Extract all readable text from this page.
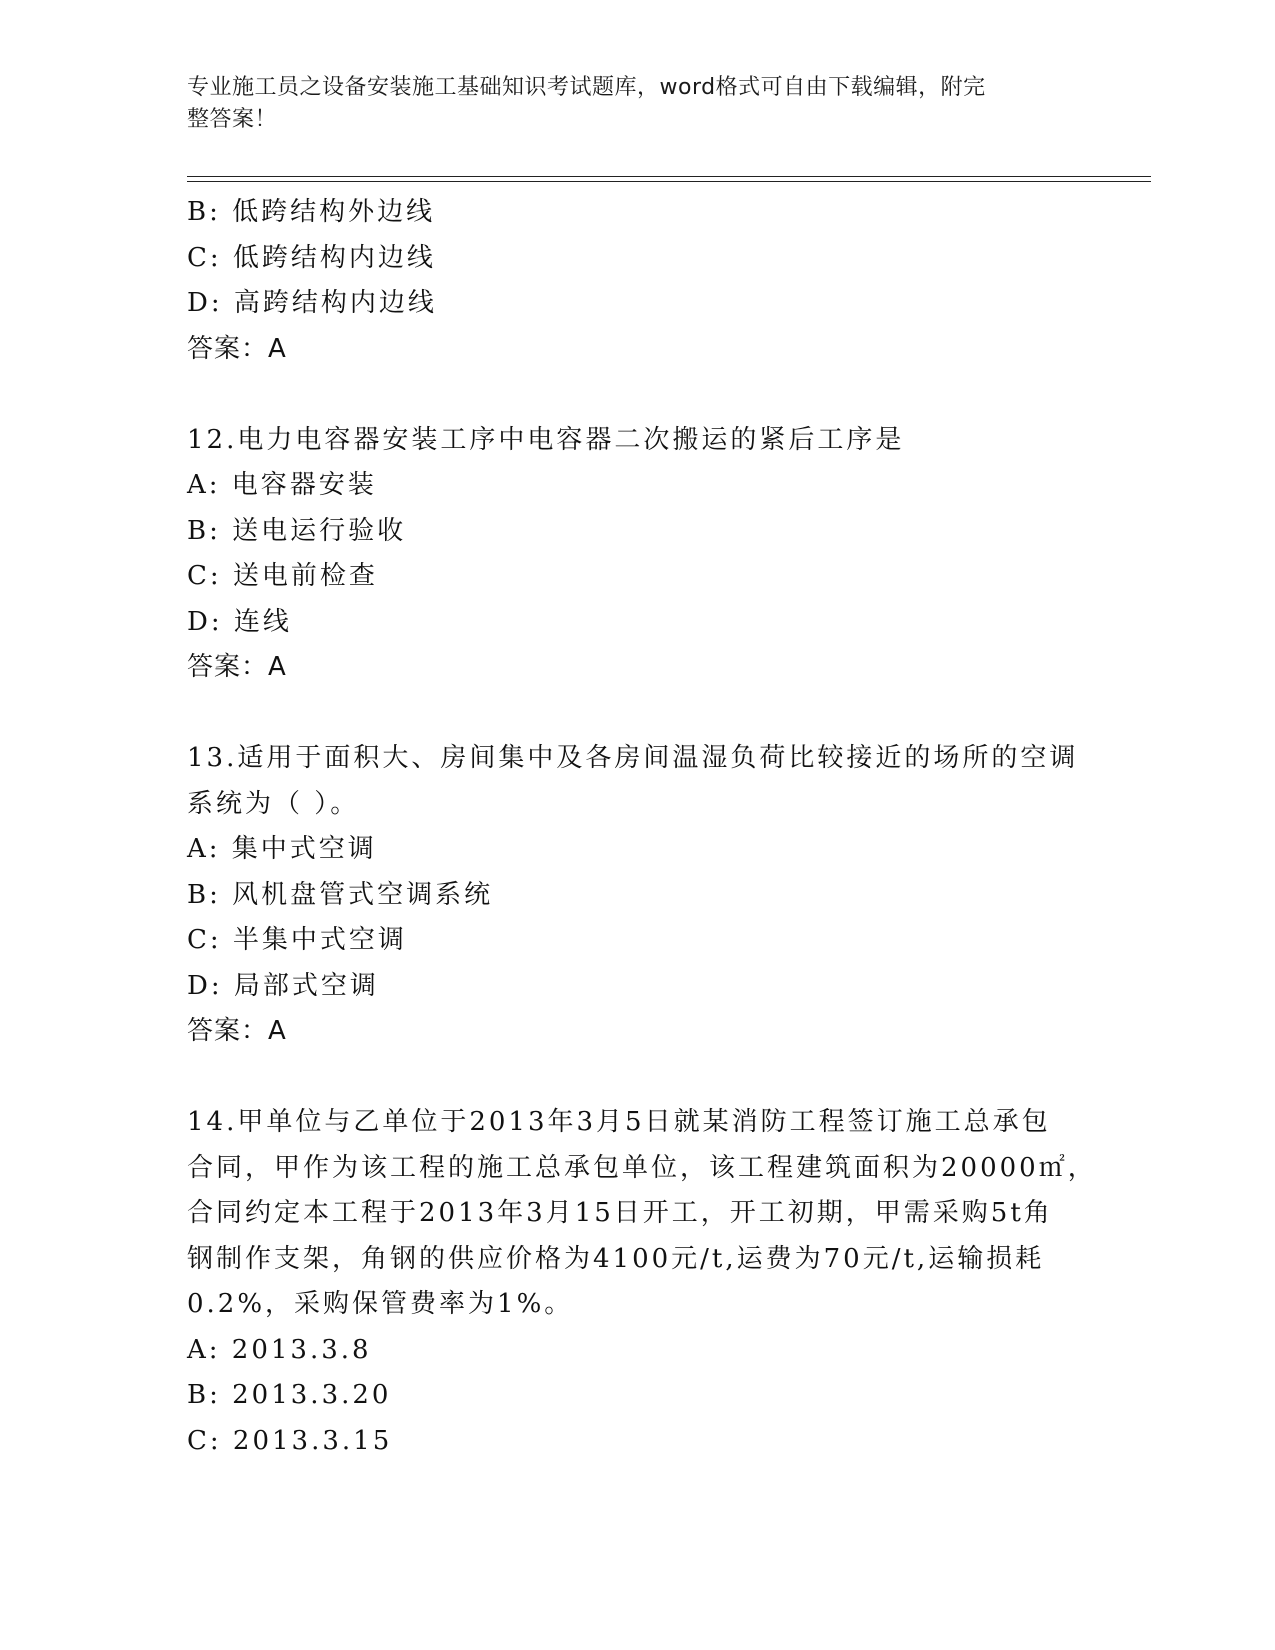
专业施工员之设备安装施工基础知识考试题库，word格式可自由下载编辑，附完
整答案！
B: 低跨结构外边线
C: 低跨结构内边线
D: 高跨结构内边线
答案：A
12.电力电容器安装工序中电容器二次搬运的紧后工序是
A: 电容器安装
B: 送电运行验收
C: 送电前检查
D: 连线
答案：A
13.适用于面积大、房间集中及各房间温湿负荷比较接近的场所的空调
系统为（ ）。
A: 集中式空调
B: 风机盘管式空调系统
C: 半集中式空调
D: 局部式空调
答案：A
14.甲单位与乙单位于2013年3月5日就某消防工程签订施工总承包
合同，甲作为该工程的施工总承包单位，该工程建筑面积为20000㎡，
合同约定本工程于2013年3月15日开工，开工初期，甲需采购5t角
钢制作支架，角钢的供应价格为4100元/t,运费为70元/t,运输损耗
0.2%，采购保管费率为1%。
A: 2013.3.8
B: 2013.3.20
C: 2013.3.15
